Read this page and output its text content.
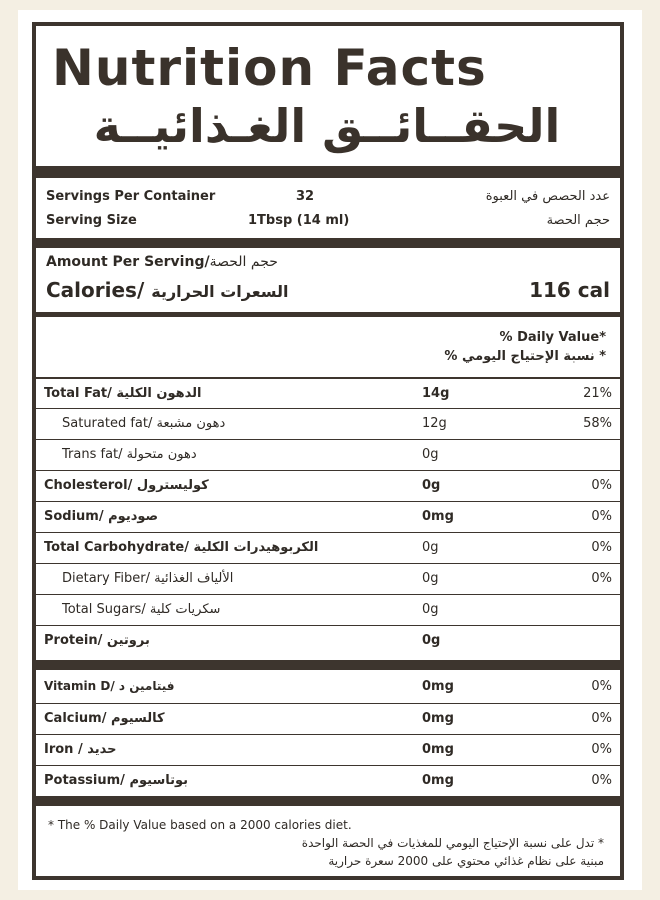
Nutrition Facts
الحقــائــق الغـذائيــة
Servings Per Container	32	عدد الحصص في العبوة
Serving Size	1Tbsp (14 ml)	حجم الحصة
Amount Per Serving/حجم الحصة
Calories/ السعرات الحرارية	116 cal
% Daily Value*
* نسبة الإحتياج اليومي %
Total Fat/ الدهون الكلية	14g	21%
Saturated fat/ دهون مشبعة	12g	58%
Trans fat/ دهون متحولة	0g
Cholesterol/ كوليسترول	0g	0%
Sodium/ صوديوم	0mg	0%
Total Carbohydrate/ الكربوهيدرات الكلية	0g	0%
Dietary Fiber/ الألياف الغذائية	0g	0%
Total Sugars/ سكريات كلية	0g
Protein/ بروتين	0g
Vitamin D/ فيتامين د	0mg	0%
Calcium/ كالسيوم	0mg	0%
Iron / حديد	0mg	0%
Potassium/ بوتاسيوم	0mg	0%
* The % Daily Value based on a 2000 calories diet.
* تدل على نسبة الإحتياج اليومي للمغذيات في الحصة الواحدة
مبنية على نظام غذائي محتوي على 2000 سعرة حرارية
